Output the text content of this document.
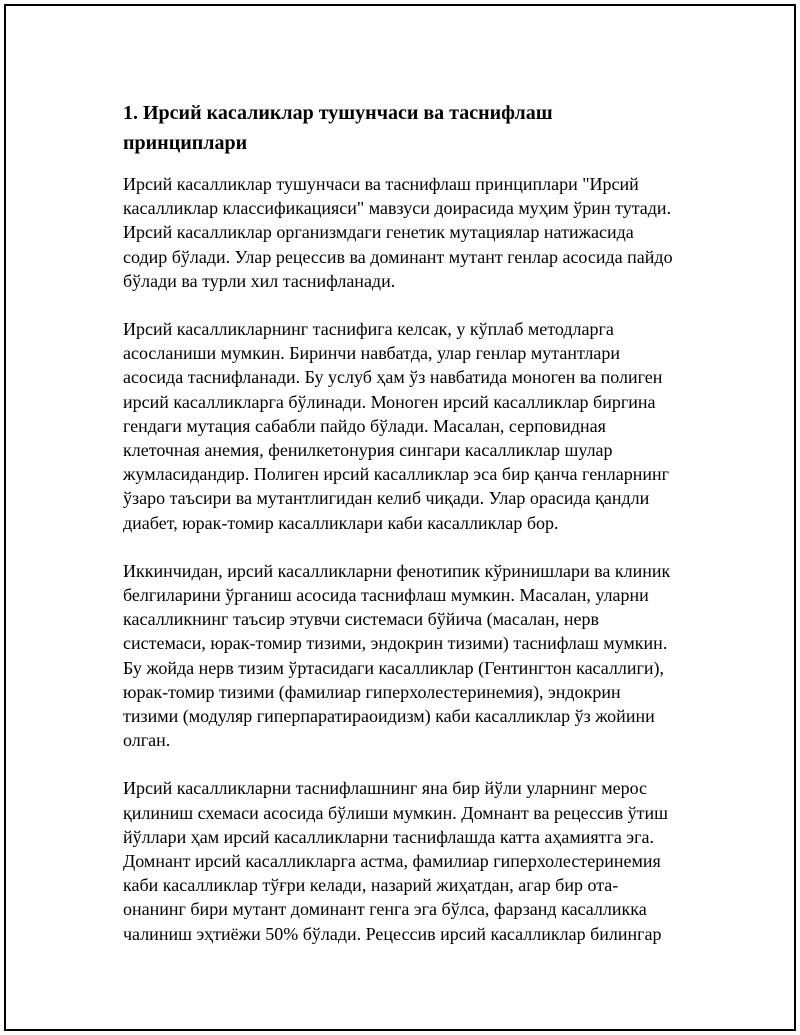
1. Ирсий касаликлар тушунчаси ва таснифлаш
принциплари

Ирсий касалликлар тушунчаси ва таснифлаш принциплари "Ирсий
касалликлар классификацияси" мавзуси доирасида муҳим ўрин тутади.
Ирсий касалликлар организмдаги генетик мутациялар натижасида
содир бўлади. Улар рецессив ва доминант мутант генлар асосида пайдо
бўлади ва турли хил таснифланади.

Ирсий касалликларнинг таснифига келсак, у кўплаб методларга
асосланиши мумкин. Биринчи навбатда, улар генлар мутантлари
асосида таснифланади. Бу услуб ҳам ўз навбатида моноген ва полиген
ирсий касалликларга бўлинади. Моноген ирсий касалликлар биргина
гендаги мутация сабабли пайдо бўлади. Масалан, серповидная
клеточная анемия, фенилкетонурия сингари касалликлар шулар
жумласидандир. Полиген ирсий касалликлар эса бир қанча генларнинг
ўзаро таъсири ва мутантлигидан келиб чиқади. Улар орасида қандли
диабет, юрак-томир касалликлари каби касалликлар бор.

Иккинчидан, ирсий касалликларни фенотипик кўринишлари ва клиник
белгиларини ўрганиш асосида таснифлаш мумкин. Масалан, уларни
касалликнинг таъсир этувчи системаси бўйича (масалан, нерв
системаси, юрак-томир тизими, эндокрин тизими) таснифлаш мумкин.
Бу жойда нерв тизим ўртасидаги касалликлар (Гентингтон касаллиги),
юрак-томир тизими (фамилиар гиперхолестеринемия), эндокрин
тизими (модуляр гиперпаратираоидизм) каби касалликлар ўз жойини
олган.

Ирсий касалликларни таснифлашнинг яна бир йўли уларнинг мерос
қилиниш схемаси асосида бўлиши мумкин. Домнант ва рецессив ўтиш
йўллари ҳам ирсий касалликларни таснифлашда катта аҳамиятга эга.
Домнант ирсий касалликларга астма, фамилиар гиперхолестеринемия
каби касалликлар тўғри келади, назарий жиҳатдан, агар бир ота-
онанинг бири мутант доминант генга эга бўлса, фарзанд касалликка
чалиниш эҳтиёжи 50% бўлади. Рецессив ирсий касалликлар билингар
